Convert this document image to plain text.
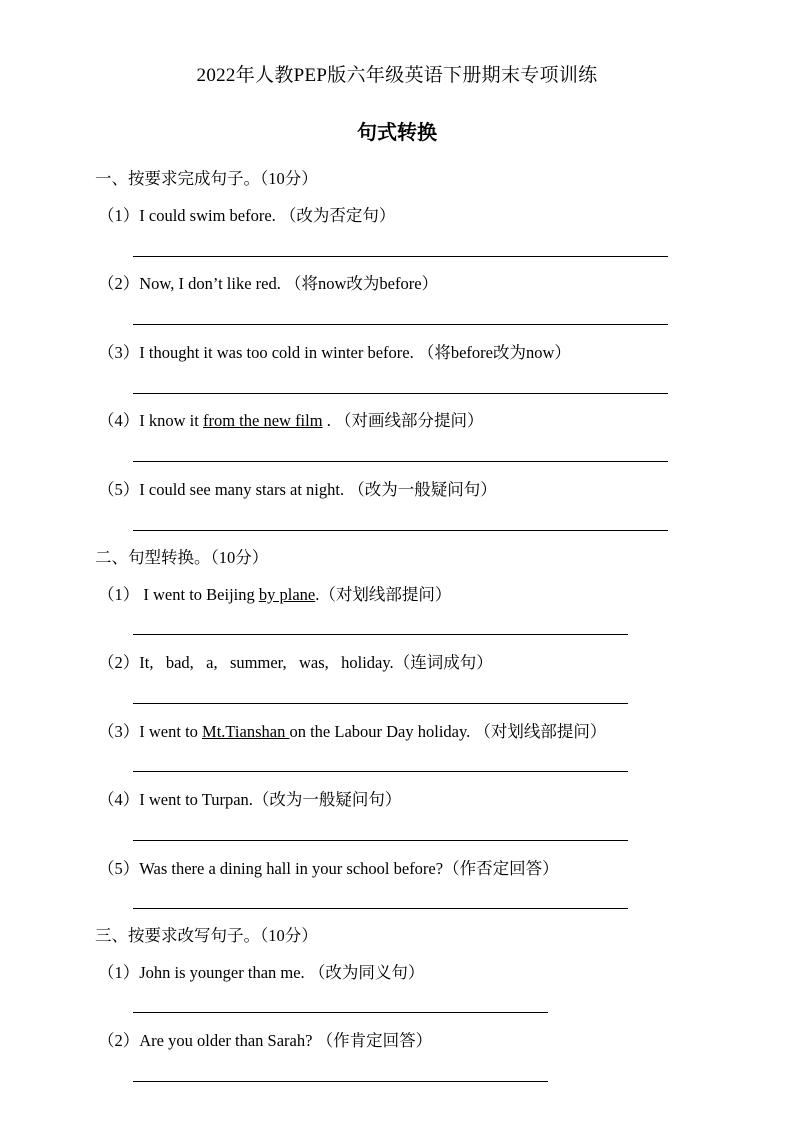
2022年人教PEP版六年级英语下册期末专项训练
句式转换
一、按要求完成句子。（10分）
（1）I could swim before. （改为否定句）
（2）Now, I don’t like red. （将now改为before）
（3）I thought it was too cold in winter before. （将before改为now）
（4）I know it from the new film . （对画线部分提问）
（5）I could see many stars at night. （改为一般疑问句）
二、句型转换。（10分）
（1） I went to Beijing by plane.（对划线部提问）
（2）It,   bad,   a,   summer,   was,   holiday.（连词成句）
（3）I went to Mt.Tianshan on the Labour Day holiday. （对划线部提问）
（4）I went to Turpan.（改为一般疑问句）
（5）Was there a dining hall in your school before?（作否定回答）
三、按要求改写句子。（10分）
（1）John is younger than me. （改为同义句）
（2）Are you older than Sarah? （作肯定回答）
